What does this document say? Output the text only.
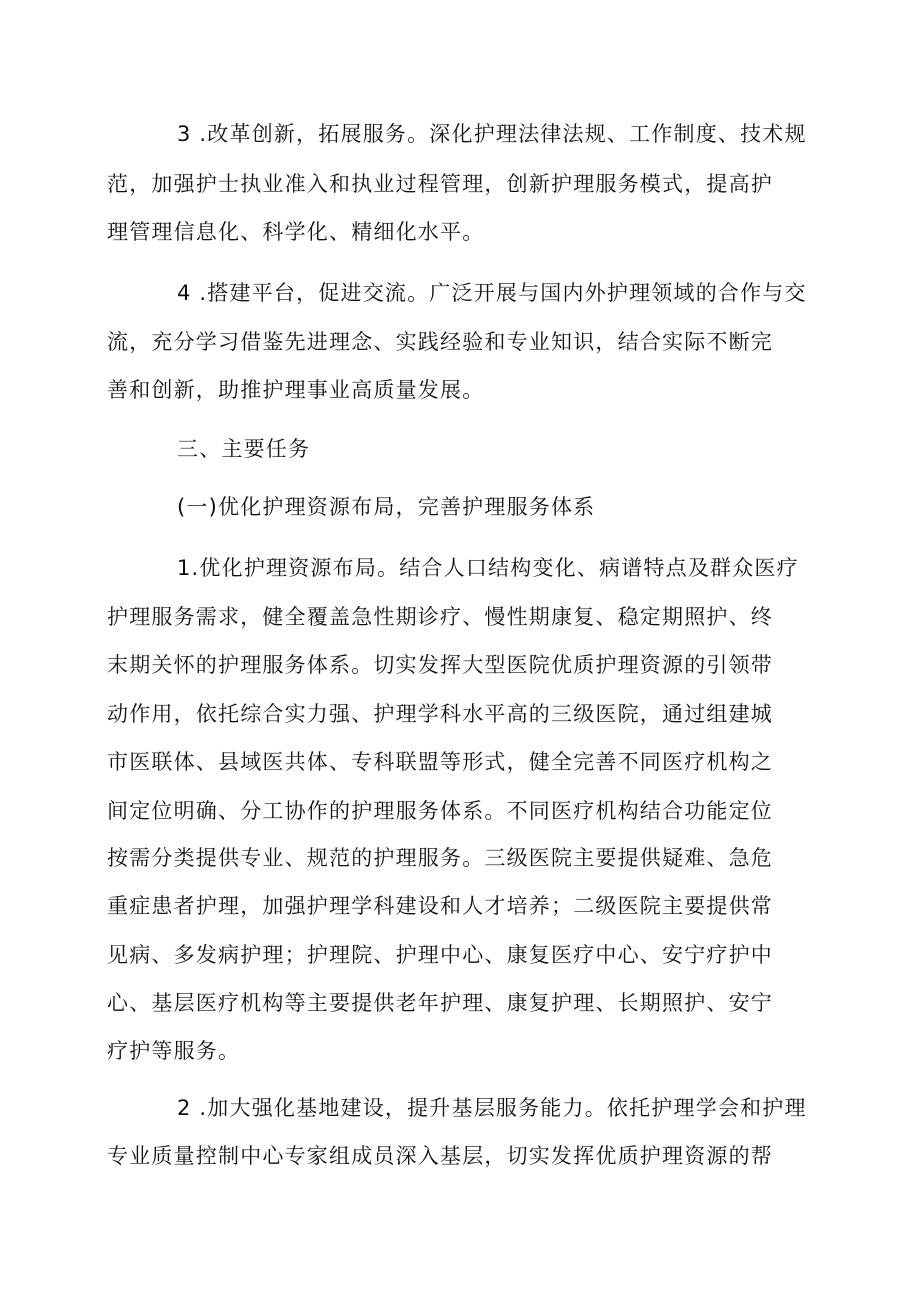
3 .改革创新，拓展服务。深化护理法律法规、工作制度、技术规
范，加强护士执业准入和执业过程管理，创新护理服务模式，提高护
理管理信息化、科学化、精细化水平。
4 .搭建平台，促进交流。广泛开展与国内外护理领域的合作与交
流，充分学习借鉴先进理念、实践经验和专业知识，结合实际不断完
善和创新，助推护理事业高质量发展。
三、主要任务
(一)优化护理资源布局，完善护理服务体系
1.优化护理资源布局。结合人口结构变化、病谱特点及群众医疗
护理服务需求，健全覆盖急性期诊疗、慢性期康复、稳定期照护、终
末期关怀的护理服务体系。切实发挥大型医院优质护理资源的引领带
动作用，依托综合实力强、护理学科水平高的三级医院，通过组建城
市医联体、县域医共体、专科联盟等形式，健全完善不同医疗机构之
间定位明确、分工协作的护理服务体系。不同医疗机构结合功能定位
按需分类提供专业、规范的护理服务。三级医院主要提供疑难、急危
重症患者护理，加强护理学科建设和人才培养；二级医院主要提供常
见病、多发病护理；护理院、护理中心、康复医疗中心、安宁疗护中
心、基层医疗机构等主要提供老年护理、康复护理、长期照护、安宁
疗护等服务。
2 .加大强化基地建设，提升基层服务能力。依托护理学会和护理
专业质量控制中心专家组成员深入基层，切实发挥优质护理资源的帮
